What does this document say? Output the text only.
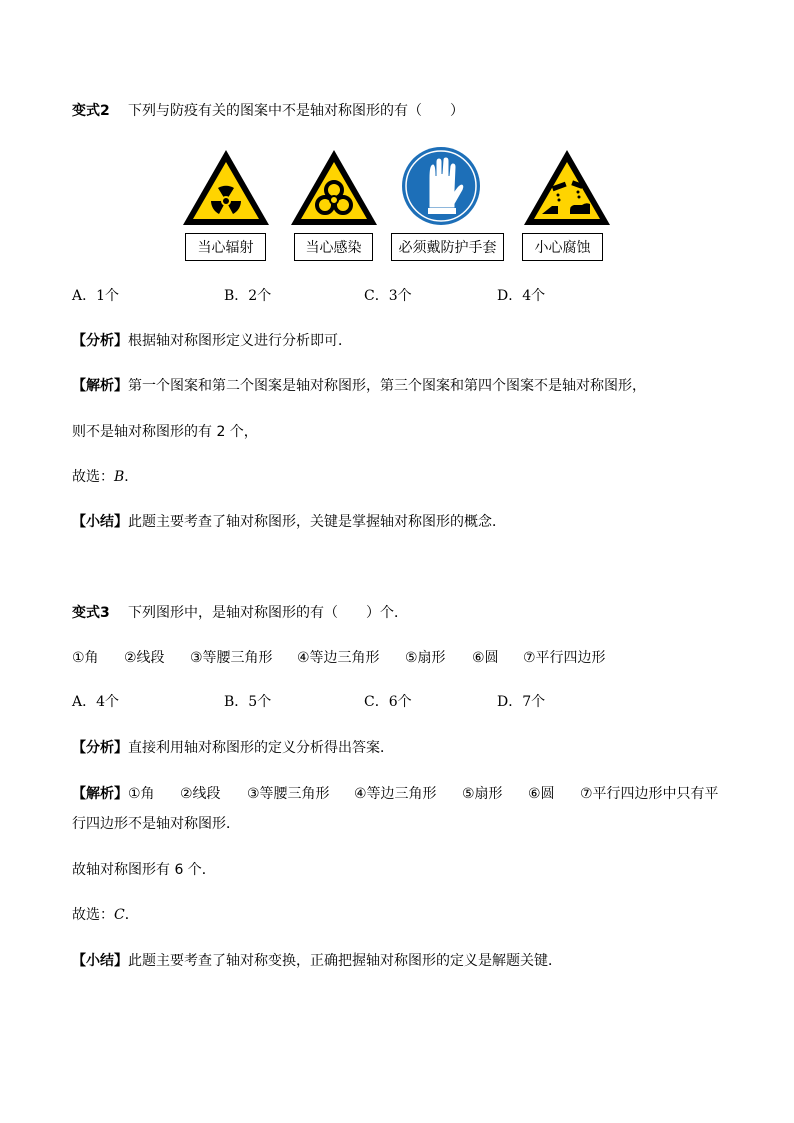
变式2 下列与防疫有关的图案中不是轴对称图形的有（　　）
当心辐射	当心感染	必须戴防护手套	小心腐蚀
A．1个	B．2个	C．3个	D．4个
【分析】根据轴对称图形定义进行分析即可．
【解析】第一个图案和第二个图案是轴对称图形，第三个图案和第四个图案不是轴对称图形，
则不是轴对称图形的有 2 个，
故选：B．
【小结】此题主要考查了轴对称图形，关键是掌握轴对称图形的概念．
变式3 下列图形中，是轴对称图形的有（　　）个．
①角 ②线段 ③等腰三角形 ④等边三角形 ⑤扇形 ⑥圆 ⑦平行四边形
A．4个	B．5个	C．6个	D．7个
【分析】直接利用轴对称图形的定义分析得出答案．
【解析】 ①角 ②线段 ③等腰三角形 ④等边三角形 ⑤扇形 ⑥圆 ⑦平行四边形中只有平
行四边形不是轴对称图形．
故轴对称图形有 6 个．
故选：C．
【小结】此题主要考查了轴对称变换，正确把握轴对称图形的定义是解题关键．
